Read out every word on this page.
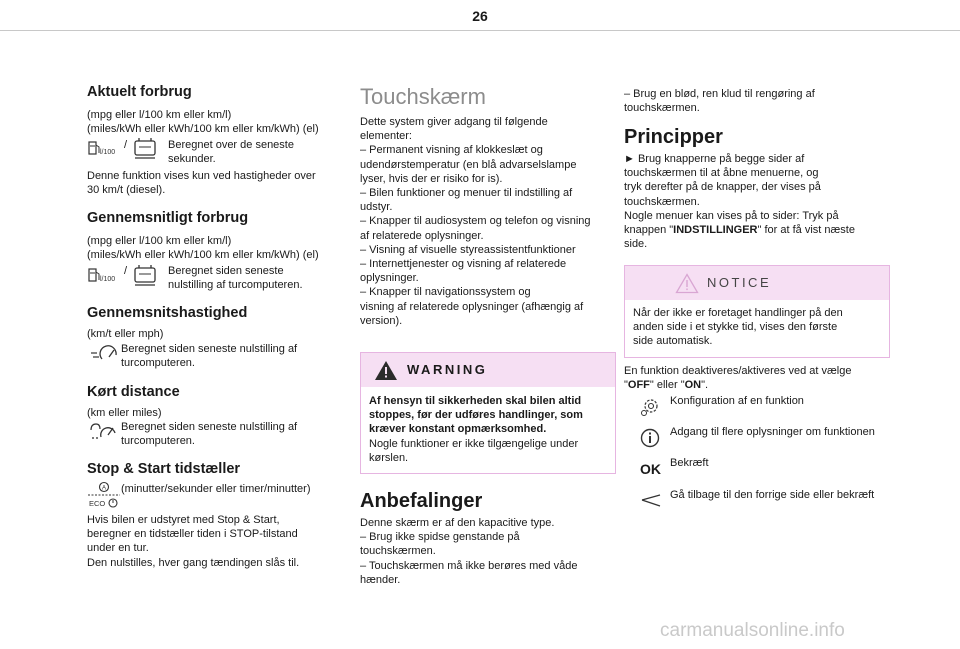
26
Aktuelt forbrug
(mpg eller l/100 km eller km/l)
(miles/kWh eller kWh/100 km eller km/kWh) (el)
l/100
/	Beregnet over de seneste
sekunder.
Denne funktion vises kun ved hastigheder over
30 km/t (diesel).
Gennemsnitligt forbrug
(mpg eller l/100 km eller km/l)
(miles/kWh eller kWh/100 km eller km/kWh) (el)
l/100
/	Beregnet siden seneste
nulstilling af turcomputeren.
Gennemsnitshastighed
(km/t eller mph)
Beregnet siden seneste nulstilling af
turcomputeren.
Kørt distance
(km eller miles)
Beregnet siden seneste nulstilling af
turcomputeren.
Stop & Start tidstæller
A
ECO
(minutter/sekunder eller timer/minutter)
Hvis bilen er udstyret med Stop & Start,
beregner en tidstæller tiden i STOP-tilstand
under en tur.
Den nulstilles, hver gang tændingen slås til.
Touchskærm
Dette system giver adgang til følgende
elementer:
– Permanent visning af klokkeslæt og
udendørstemperatur (en blå advarselslampe
lyser, hvis der er risiko for is).
– Bilen funktioner og menuer til indstilling af
udstyr.
– Knapper til audiosystem og telefon og visning
af relaterede oplysninger.
– Visning af visuelle styreassistentfunktioner
– Internettjenester og visning af relaterede
oplysninger.
– Knapper til navigationssystem og
visning af relaterede oplysninger (afhængig af
version).
WARNING
Af hensyn til sikkerheden skal bilen altid
stoppes, før der udføres handlinger, som
kræver konstant opmærksomhed.
Nogle funktioner er ikke tilgængelige under
kørslen.
Anbefalinger
Denne skærm er af den kapacitive type.
– Brug ikke spidse genstande på
touchskærmen.
– Touchskærmen må ikke berøres med våde
hænder.
– Brug en blød, ren klud til rengøring af
touchskærmen.
Principper
► Brug knapperne på begge sider af
touchskærmen til at åbne menuerne, og
tryk derefter på de knapper, der vises på
touchskærmen.
Nogle menuer kan vises på to sider: Tryk på
knappen "INDSTILLINGER" for at få vist næste
side.
NOTICE
Når der ikke er foretaget handlinger på den
anden side i et stykke tid, vises den første
side automatisk.
En funktion deaktiveres/aktiveres ved at vælge
"OFF" eller "ON".
Konfiguration af en funktion
Adgang til flere oplysninger om funktionen
OK Bekræft
Gå tilbage til den forrige side eller bekræft
carmanualsonline.info
